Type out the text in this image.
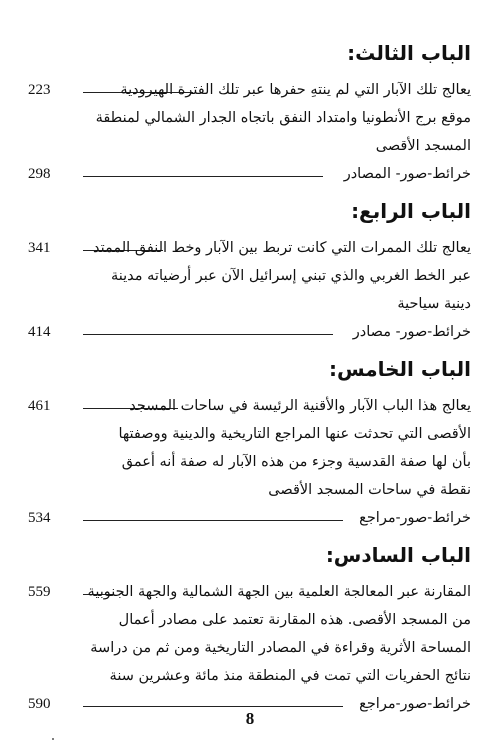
الباب الثالث:
223	يعالج تلك الآبار التي لم ينتهِ حفرها عبر تلك الفترة الهيرودية
موقع برج الأنطونيا وامتداد النفق باتجاه الجدار الشمالي لمنطقة
المسجد الأقصى
298	خرائط-صور- المصادر
الباب الرابع:
341	يعالج تلك الممرات التي كانت تربط بين الآبار وخط النفق الممتد
عبر الخط الغربي والذي تبني إسرائيل الآن عبر أرضياته مدينة
دينية سياحية
414	خرائط-صور- مصادر
الباب الخامس:
461	يعالج هذا الباب الآبار والأقنية الرئيسة في ساحات المسجد
الأقصى التي تحدثت عنها المراجع التاريخية والدينية ووصفتها
بأن لها صفة القدسية وجزء من هذه الآبار له صفة أنه أعمق
نقطة في ساحات المسجد الأقصى
534	خرائط-صور-مراجع
الباب السادس:
559	المقارنة عبر المعالجة العلمية بين الجهة الشمالية والجهة الجنوبية
من المسجد الأقصى. هذه المقارنة تعتمد على مصادر أعمال
المساحة الأثرية وقراءة في المصادر التاريخية ومن ثم من دراسة
نتائج الحفريات التي تمت في المنطقة منذ مائة وعشرين سنة
590	خرائط-صور-مراجع
8
